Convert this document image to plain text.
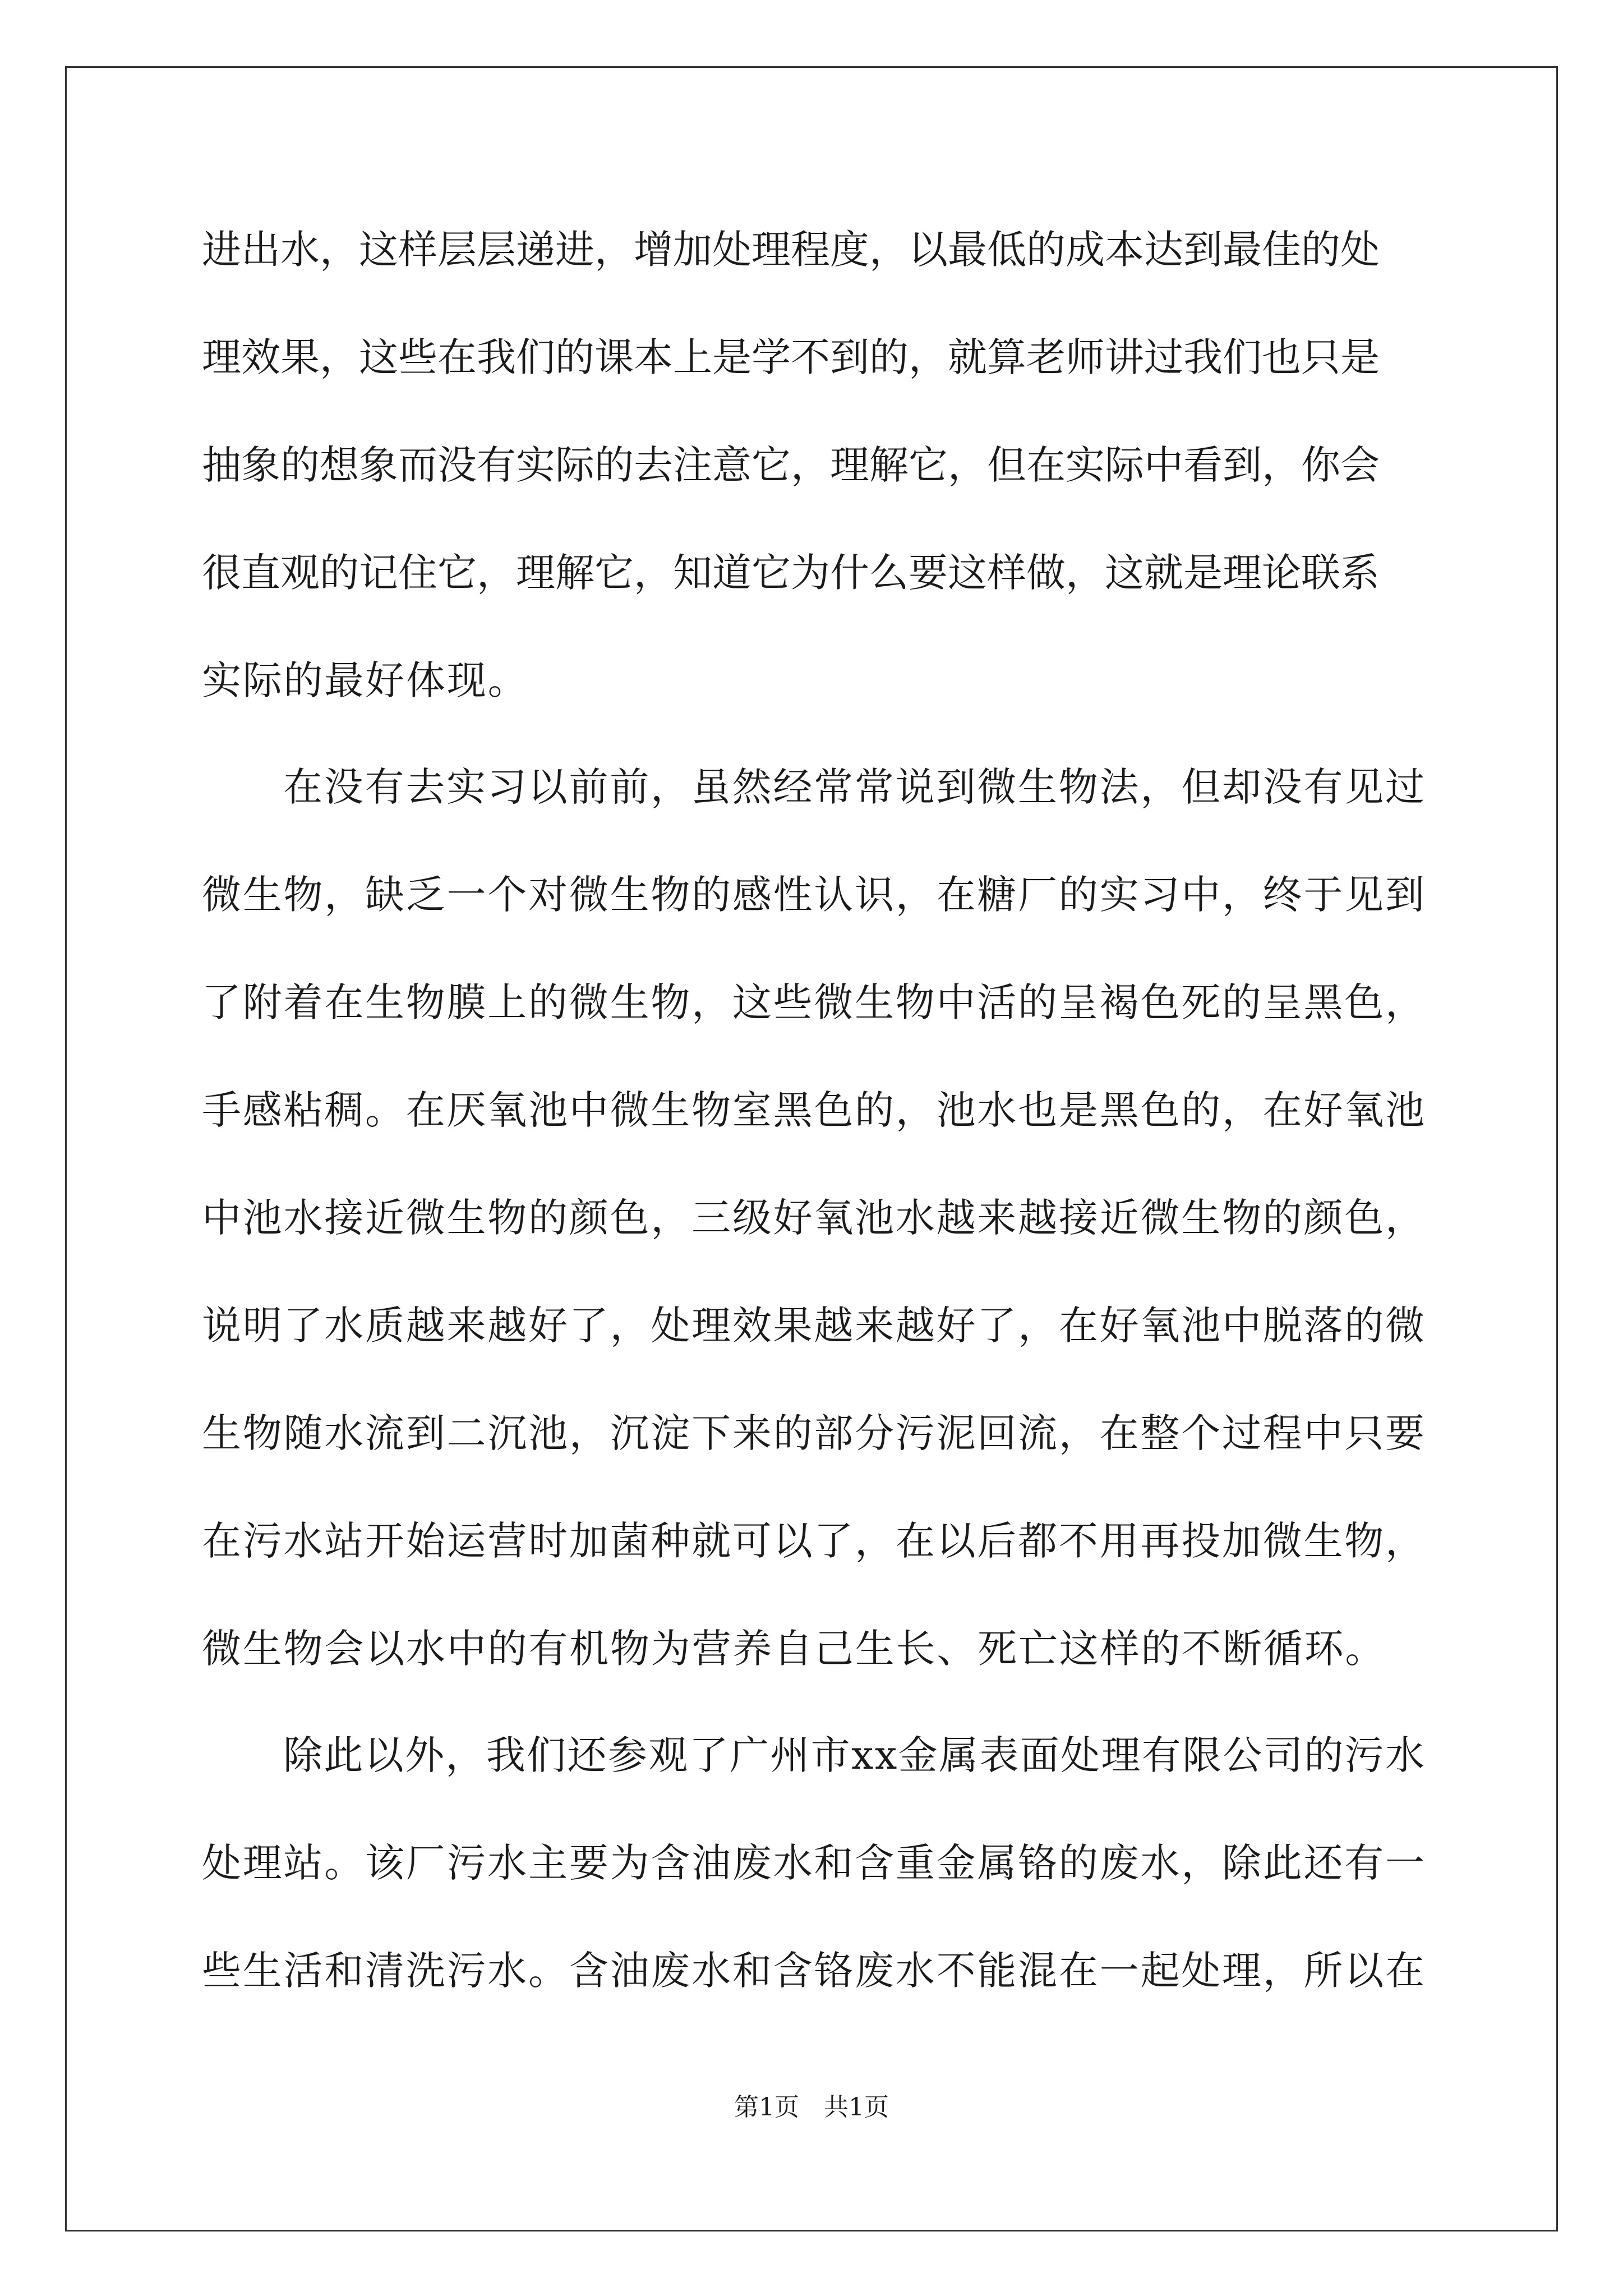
进出水，这样层层递进，增加处理程度，以最低的成本达到最佳的处
理效果，这些在我们的课本上是学不到的，就算老师讲过我们也只是
抽象的想象而没有实际的去注意它，理解它，但在实际中看到，你会
很直观的记住它，理解它，知道它为什么要这样做，这就是理论联系
实际的最好体现。
在没有去实习以前前，虽然经常常说到微生物法，但却没有见过
微生物，缺乏一个对微生物的感性认识，在糖厂的实习中，终于见到
了附着在生物膜上的微生物，这些微生物中活的呈褐色死的呈黑色，
手感粘稠。在厌氧池中微生物室黑色的，池水也是黑色的，在好氧池
中池水接近微生物的颜色，三级好氧池水越来越接近微生物的颜色，
说明了水质越来越好了，处理效果越来越好了，在好氧池中脱落的微
生物随水流到二沉池，沉淀下来的部分污泥回流，在整个过程中只要
在污水站开始运营时加菌种就可以了，在以后都不用再投加微生物，
微生物会以水中的有机物为营养自己生长、死亡这样的不断循环。
除此以外，我们还参观了广州市xx金属表面处理有限公司的污水
处理站。该厂污水主要为含油废水和含重金属铬的废水，除此还有一
些生活和清洗污水。含油废水和含铬废水不能混在一起处理，所以在
第1页　共1页
